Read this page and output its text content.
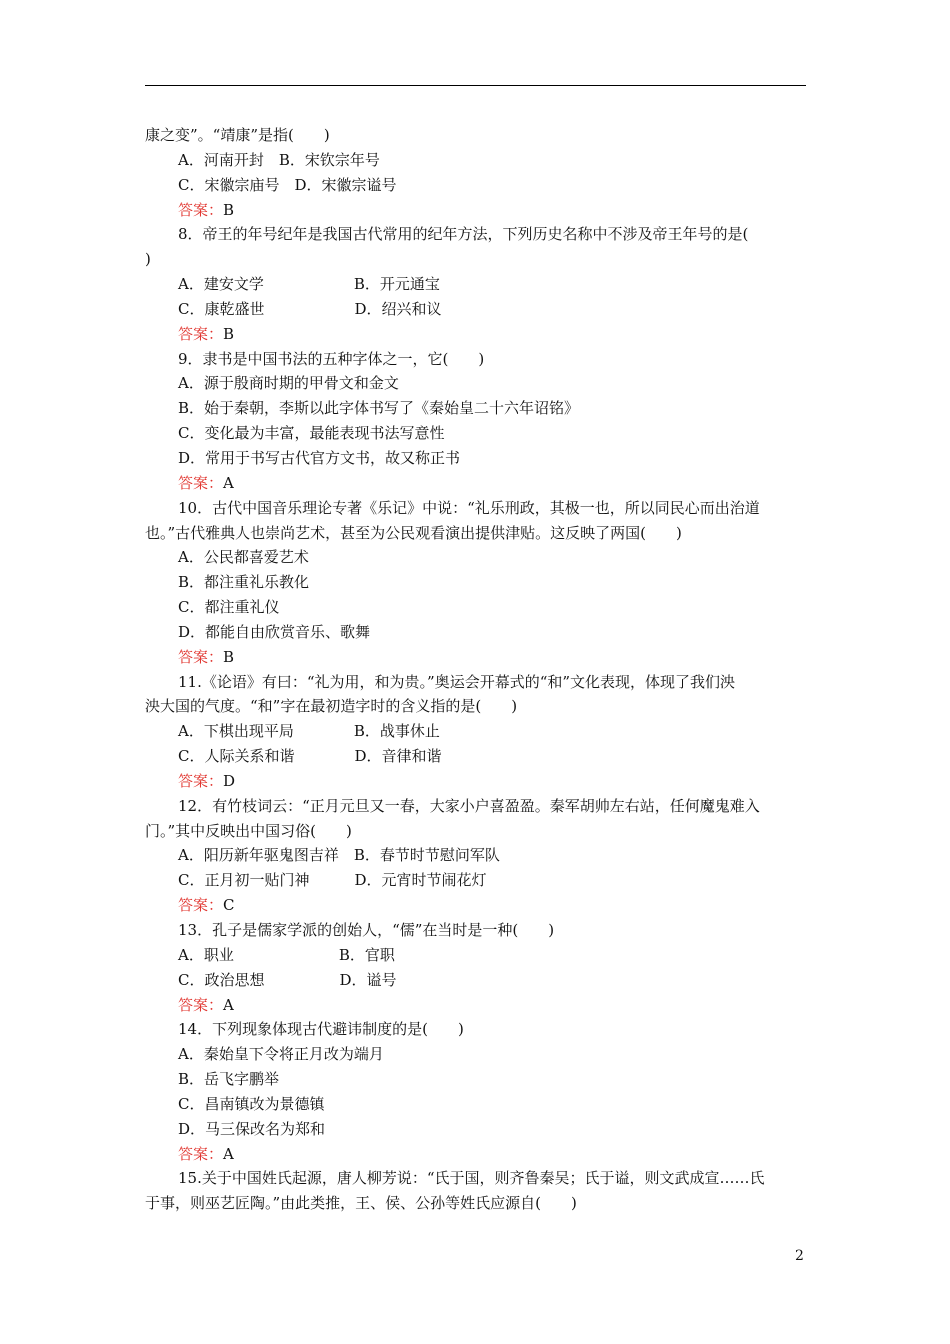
康之变”。“靖康”是指(　　)
A．河南开封　B．宋钦宗年号
C．宋徽宗庙号　D．宋徽宗谥号
答案：B
8．帝王的年号纪年是我国古代常用的纪年方法，下列历史名称中不涉及帝王年号的是(
)
A．建安文学　　　　　　B．开元通宝
C．康乾盛世　　　　　　D．绍兴和议
答案：B
9．隶书是中国书法的五种字体之一，它(　　)
A．源于殷商时期的甲骨文和金文
B．始于秦朝，李斯以此字体书写了《秦始皇二十六年诏铭》
C．变化最为丰富，最能表现书法写意性
D．常用于书写古代官方文书，故又称正书
答案：A
10．古代中国音乐理论专著《乐记》中说：“礼乐刑政，其极一也，所以同民心而出治道
也。”古代雅典人也崇尚艺术，甚至为公民观看演出提供津贴。这反映了两国(　　)
A．公民都喜爱艺术
B．都注重礼乐教化
C．都注重礼仪
D．都能自由欣赏音乐、歌舞
答案：B
11.《论语》有曰：“礼为用，和为贵。”奥运会开幕式的“和”文化表现，体现了我们泱
泱大国的气度。“和”字在最初造字时的含义指的是(　　)
A．下棋出现平局　　　　B．战事休止
C．人际关系和谐　　　　D．音律和谐
答案：D
12．有竹枝词云：“正月元旦又一春，大家小户喜盈盈。秦军胡帅左右站，任何魔鬼难入
门。”其中反映出中国习俗(　　)
A．阳历新年驱鬼图吉祥　B．春节时节慰问军队
C．正月初一贴门神　　　D．元宵时节闹花灯
答案：C
13．孔子是儒家学派的创始人，“儒”在当时是一种(　　)
A．职业　　　　　　　B．官职
C．政治思想　　　　　D．谥号
答案：A
14．下列现象体现古代避讳制度的是(　　)
A．秦始皇下令将正月改为端月
B．岳飞字鹏举
C．昌南镇改为景德镇
D．马三保改名为郑和
答案：A
15.关于中国姓氏起源，唐人柳芳说：“氏于国，则齐鲁秦吴；氏于谥，则文武成宣……氏
于事，则巫艺匠陶。”由此类推，王、侯、公孙等姓氏应源自(　　)
2
